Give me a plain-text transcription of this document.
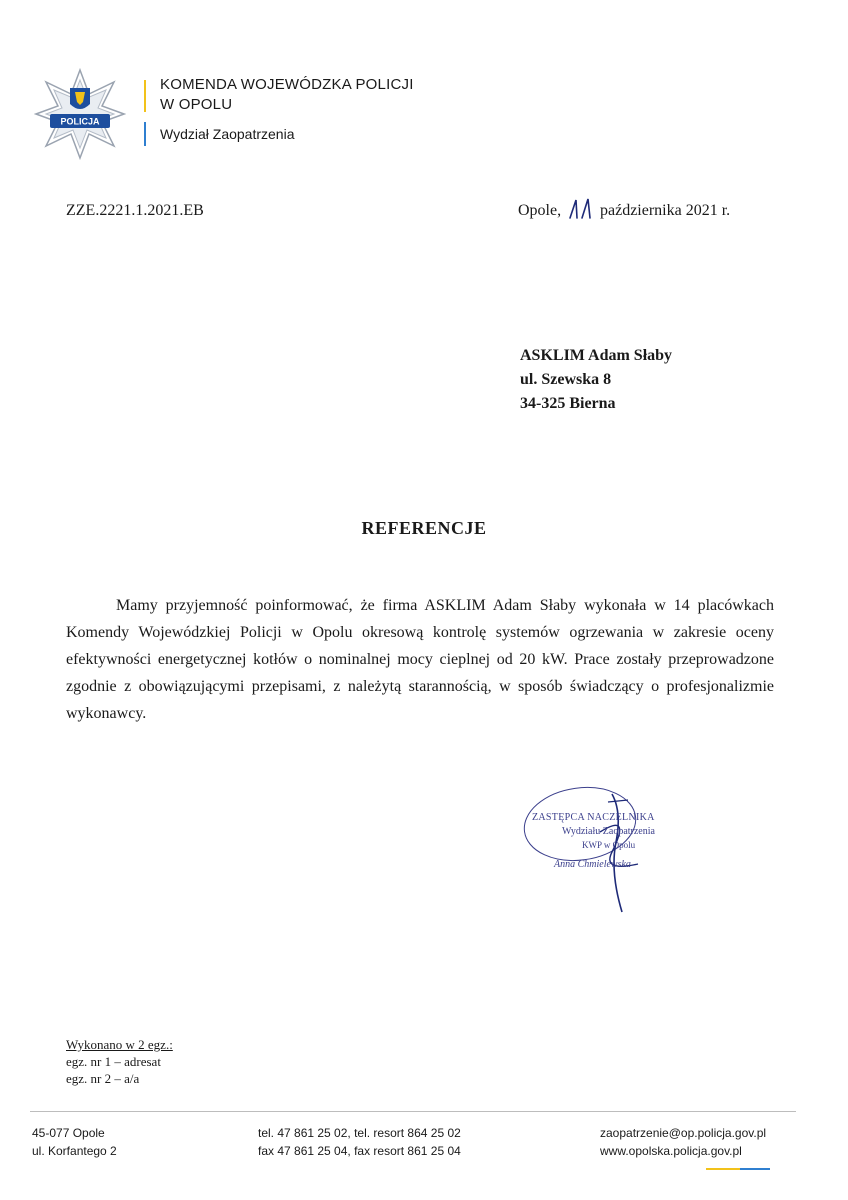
POLICJA
KOMENDA WOJEWÓDZKA POLICJI
W OPOLU
Wydział Zaopatrzenia
ZZE.2221.1.2021.EB	Opole, października 2021 r.
ASKLIM Adam Słaby
ul. Szewska 8
34-325 Bierna
REFERENCJE

Mamy przyjemność poinformować, że firma ASKLIM Adam Słaby wykonała w 14 placówkach Komendy Wojewódzkiej Policji w Opolu okresową kontrolę systemów ogrzewania w zakresie oceny efektywności energetycznej kotłów o nominalnej mocy cieplnej od 20 kW. Prace zostały przeprowadzone zgodnie z obowiązującymi przepisami, z należytą starannością, w sposób świadczący o profesjonalizmie wykonawcy.

ZASTĘPCA NACZELNIKA
Wydziału Zaopatrzenia
KWP w Opolu
Anna Chmielewska
Wykonano w 2 egz.:
egz. nr 1 – adresat
egz. nr 2 – a/a
45-077 Opole
ul. Korfantego 2
tel. 47 861 25 02, tel. resort 864 25 02
fax 47 861 25 04, fax resort 861 25 04
zaopatrzenie@op.policja.gov.pl
www.opolska.policja.gov.pl
